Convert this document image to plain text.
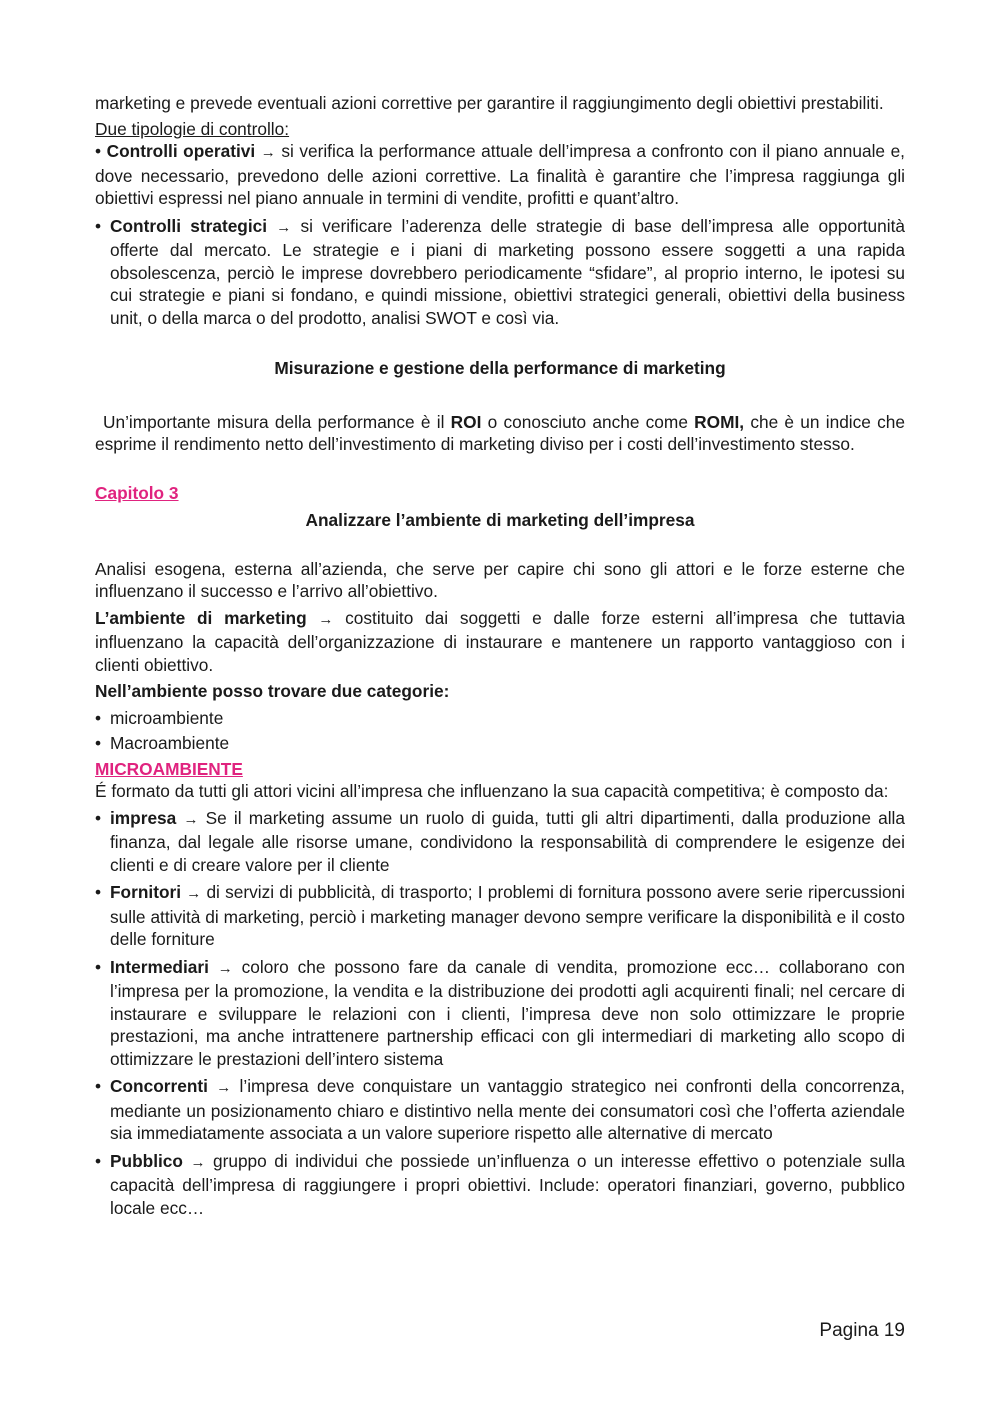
marketing e prevede eventuali azioni correttive per garantire il raggiungimento degli obiettivi prestabiliti.

Due tipologie di controllo:

• Controlli operativi → si verifica la performance attuale dell’impresa a confronto con il piano annuale e, dove necessario, prevedono delle azioni correttive. La finalità è garantire che l’impresa raggiunga gli obiettivi espressi nel piano annuale in termini di vendite, profitti e quant’altro.

• Controlli strategici → si verificare l’aderenza delle strategie di base dell’impresa alle opportunità offerte dal mercato. Le strategie e i piani di marketing possono essere soggetti a una rapida obsolescenza, perciò le imprese dovrebbero periodicamente “sfidare”, al proprio interno, le ipotesi su cui strategie e piani si fondano, e quindi missione, obiettivi strategici generali, obiettivi della business unit, o della marca o del prodotto, analisi SWOT e così via.

Misurazione e gestione della performance di marketing

Un’importante misura della performance è il ROI o conosciuto anche come ROMI, che è un indice che esprime il rendimento netto dell’investimento di marketing diviso per i costi dell’investimento stesso.

Capitolo 3

Analizzare l’ambiente di marketing dell’impresa

Analisi esogena, esterna all’azienda, che serve per capire chi sono gli attori e le forze esterne che influenzano il successo e l’arrivo all’obiettivo.

L’ambiente di marketing → costituito dai soggetti e dalle forze esterni all’impresa che tuttavia influenzano la capacità dell’organizzazione di instaurare e mantenere un rapporto vantaggioso con i clienti obiettivo.

Nell’ambiente posso trovare due categorie:

• microambiente
• Macroambiente

MICROAMBIENTE

É formato da tutti gli attori vicini all’impresa che influenzano la sua capacità competitiva; è composto da:

• impresa → Se il marketing assume un ruolo di guida, tutti gli altri dipartimenti, dalla produzione alla finanza, dal legale alle risorse umane, condividono la responsabilità di comprendere le esigenze dei clienti e di creare valore per il cliente
• Fornitori → di servizi di pubblicità, di trasporto; I problemi di fornitura possono avere serie ripercussioni sulle attività di marketing, perciò i marketing manager devono sempre verificare la disponibilità e il costo delle forniture
• Intermediari → coloro che possono fare da canale di vendita, promozione ecc… collaborano con l’impresa per la promozione, la vendita e la distribuzione dei prodotti agli acquirenti finali; nel cercare di instaurare e sviluppare le relazioni con i clienti, l’impresa deve non solo ottimizzare le proprie prestazioni, ma anche intrattenere partnership efficaci con gli intermediari di marketing allo scopo di ottimizzare le prestazioni dell’intero sistema
• Concorrenti → l’impresa deve conquistare un vantaggio strategico nei confronti della concorrenza, mediante un posizionamento chiaro e distintivo nella mente dei consumatori così che l’offerta aziendale sia immediatamente associata a un valore superiore rispetto alle alternative di mercato
• Pubblico → gruppo di individui che possiede un’influenza o un interesse effettivo o potenziale sulla capacità dell’impresa di raggiungere i propri obiettivi. Include: operatori finanziari, governo, pubblico locale ecc…
Pagina 19
